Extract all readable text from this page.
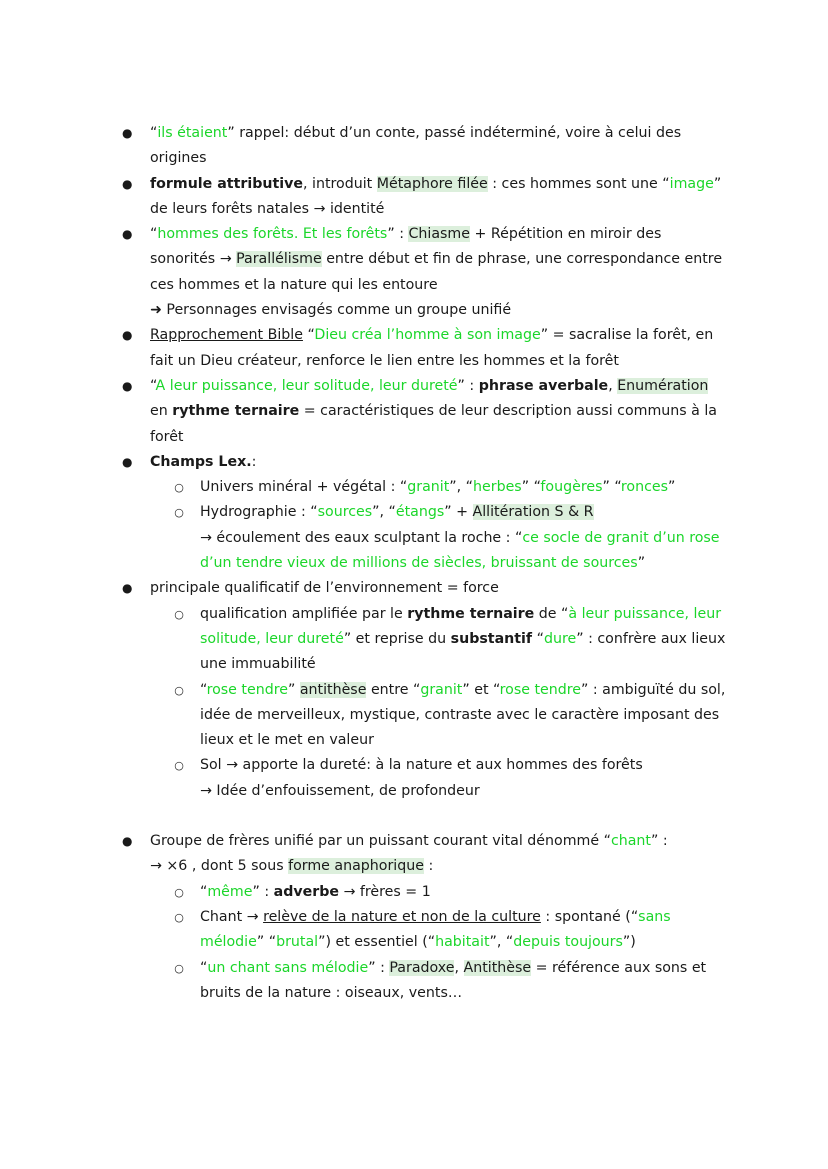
● “ils étaient” rappel: début d’un conte, passé indéterminé, voire à celui des origines

● formule attributive, introduit Métaphore filée : ces hommes sont une “image” de leurs forêts natales → identité

● “hommes des forêts. Et les forêts” : Chiasme + Répétition en miroir des sonorités → Parallélisme entre début et fin de phrase, une correspondance entre ces hommes et la nature qui les entoure
➜ Personnages envisagés comme un groupe unifié

● Rapprochement Bible “Dieu créa l’homme à son image” = sacralise la forêt, en fait un Dieu créateur, renforce le lien entre les hommes et la forêt

● “A leur puissance, leur solitude, leur dureté” : phrase averbale, Enumération en rythme ternaire = caractéristiques de leur description aussi communs à la forêt

● Champs Lex.:

○ Univers minéral + végétal : “granit”, “herbes” “fougères” “ronces”

○ Hydrographie : “sources”, “étangs” + Allitération S & R
→ écoulement des eaux sculptant la roche : “ce socle de granit d’un rose d’un tendre vieux de millions de siècles, bruissant de sources”

● principale qualificatif de l’environnement = force

○ qualification amplifiée par le rythme ternaire de “à leur puissance, leur solitude, leur dureté” et reprise du substantif “dure” : confrère aux lieux une immuabilité

○ “rose tendre” antithèse entre “granit” et “rose tendre” : ambiguïté du sol, idée de merveilleux, mystique, contraste avec le caractère imposant des lieux et le met en valeur

○ Sol → apporte la dureté: à la nature et aux hommes des forêts
→ Idée d’enfouissement, de profondeur

● Groupe de frères unifié par un puissant courant vital dénommé “chant” :
→ ×6 , dont 5 sous forme anaphorique :

○ “même” : adverbe → frères = 1

○ Chant → relève de la nature et non de la culture : spontané (“sans mélodie” “brutal”) et essentiel (“habitait”, “depuis toujours”)

○ “un chant sans mélodie” : Paradoxe, Antithèse = référence aux sons et bruits de la nature : oiseaux, vents…
